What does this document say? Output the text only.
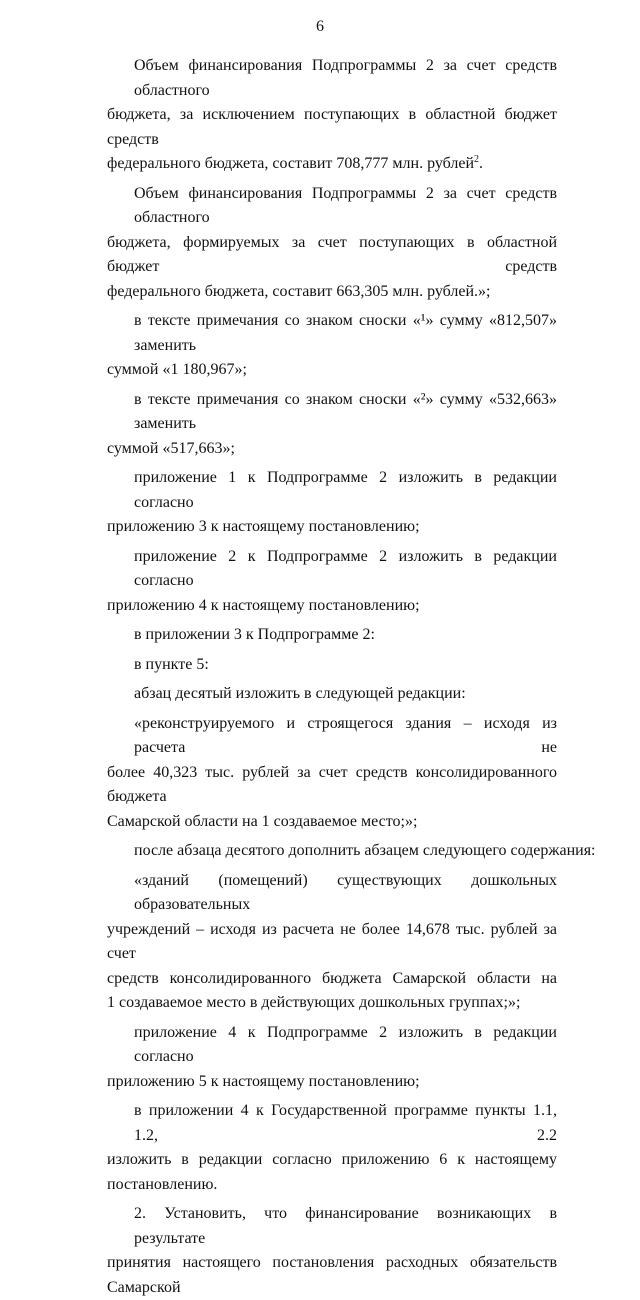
6
Объем финансирования Подпрограммы 2 за счет средств областного
бюджета, за исключением поступающих в областной бюджет средств
федерального бюджета, составит 708,777 млн. рублей$^2$.
Объем финансирования Подпрограммы 2 за счет средств областного
бюджета, формируемых за счет поступающих в областной бюджет средств
федерального бюджета, составит 663,305 млн. рублей.»;
в тексте примечания со знаком сноски «¹» сумму «812,507» заменить
суммой «1 180,967»;
в тексте примечания со знаком сноски «²» сумму «532,663» заменить
суммой «517,663»;
приложение 1 к Подпрограмме 2 изложить в редакции согласно
приложению 3 к настоящему постановлению;
приложение 2 к Подпрограмме 2 изложить в редакции согласно
приложению 4 к настоящему постановлению;
в приложении 3 к Подпрограмме 2:
в пункте 5:
абзац десятый изложить в следующей редакции:
«реконструируемого и строящегося здания – исходя из расчета не
более 40,323 тыс. рублей за счет средств консолидированного бюджета
Самарской области на 1 создаваемое место;»;
после абзаца десятого дополнить абзацем следующего содержания:
«зданий (помещений) существующих дошкольных образовательных
учреждений – исходя из расчета не более 14,678 тыс. рублей за счет
средств консолидированного бюджета Самарской области на
1 создаваемое место в действующих дошкольных группах;»;
приложение 4 к Подпрограмме 2 изложить в редакции согласно
приложению 5 к настоящему постановлению;
в приложении 4 к Государственной программе пункты 1.1, 1.2, 2.2
изложить в редакции согласно приложению 6 к настоящему
постановлению.
2. Установить, что финансирование возникающих в результате
принятия настоящего постановления расходных обязательств Самарской
